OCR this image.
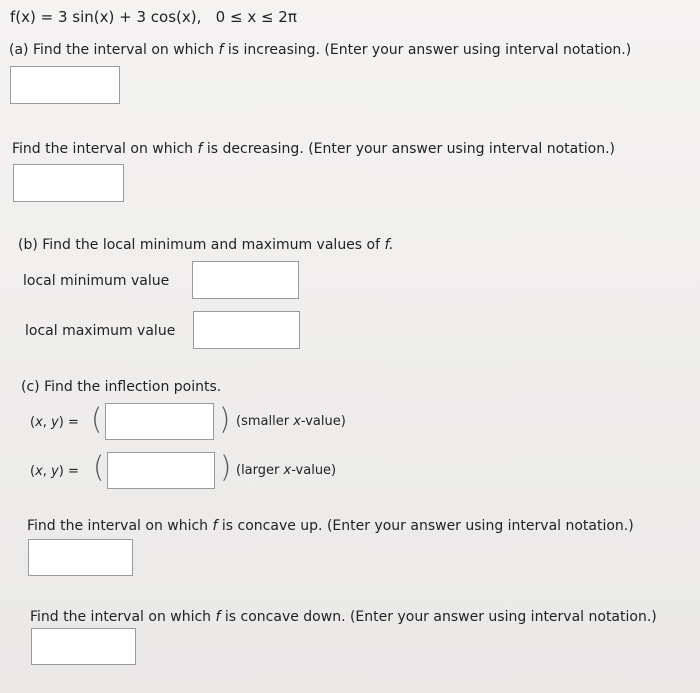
f(x) = 3 sin(x) + 3 cos(x), 0 ≤ x ≤ 2π
(a) Find the interval on which f is increasing. (Enter your answer using interval notation.)
Find the interval on which f is decreasing. (Enter your answer using interval notation.)
(b) Find the local minimum and maximum values of f.
local minimum value
local maximum value
(c) Find the inflection points.
(x, y) = (	) (smaller x-value)
(x, y) = (	) (larger x-value)
Find the interval on which f is concave up. (Enter your answer using interval notation.)
Find the interval on which f is concave down. (Enter your answer using interval notation.)
